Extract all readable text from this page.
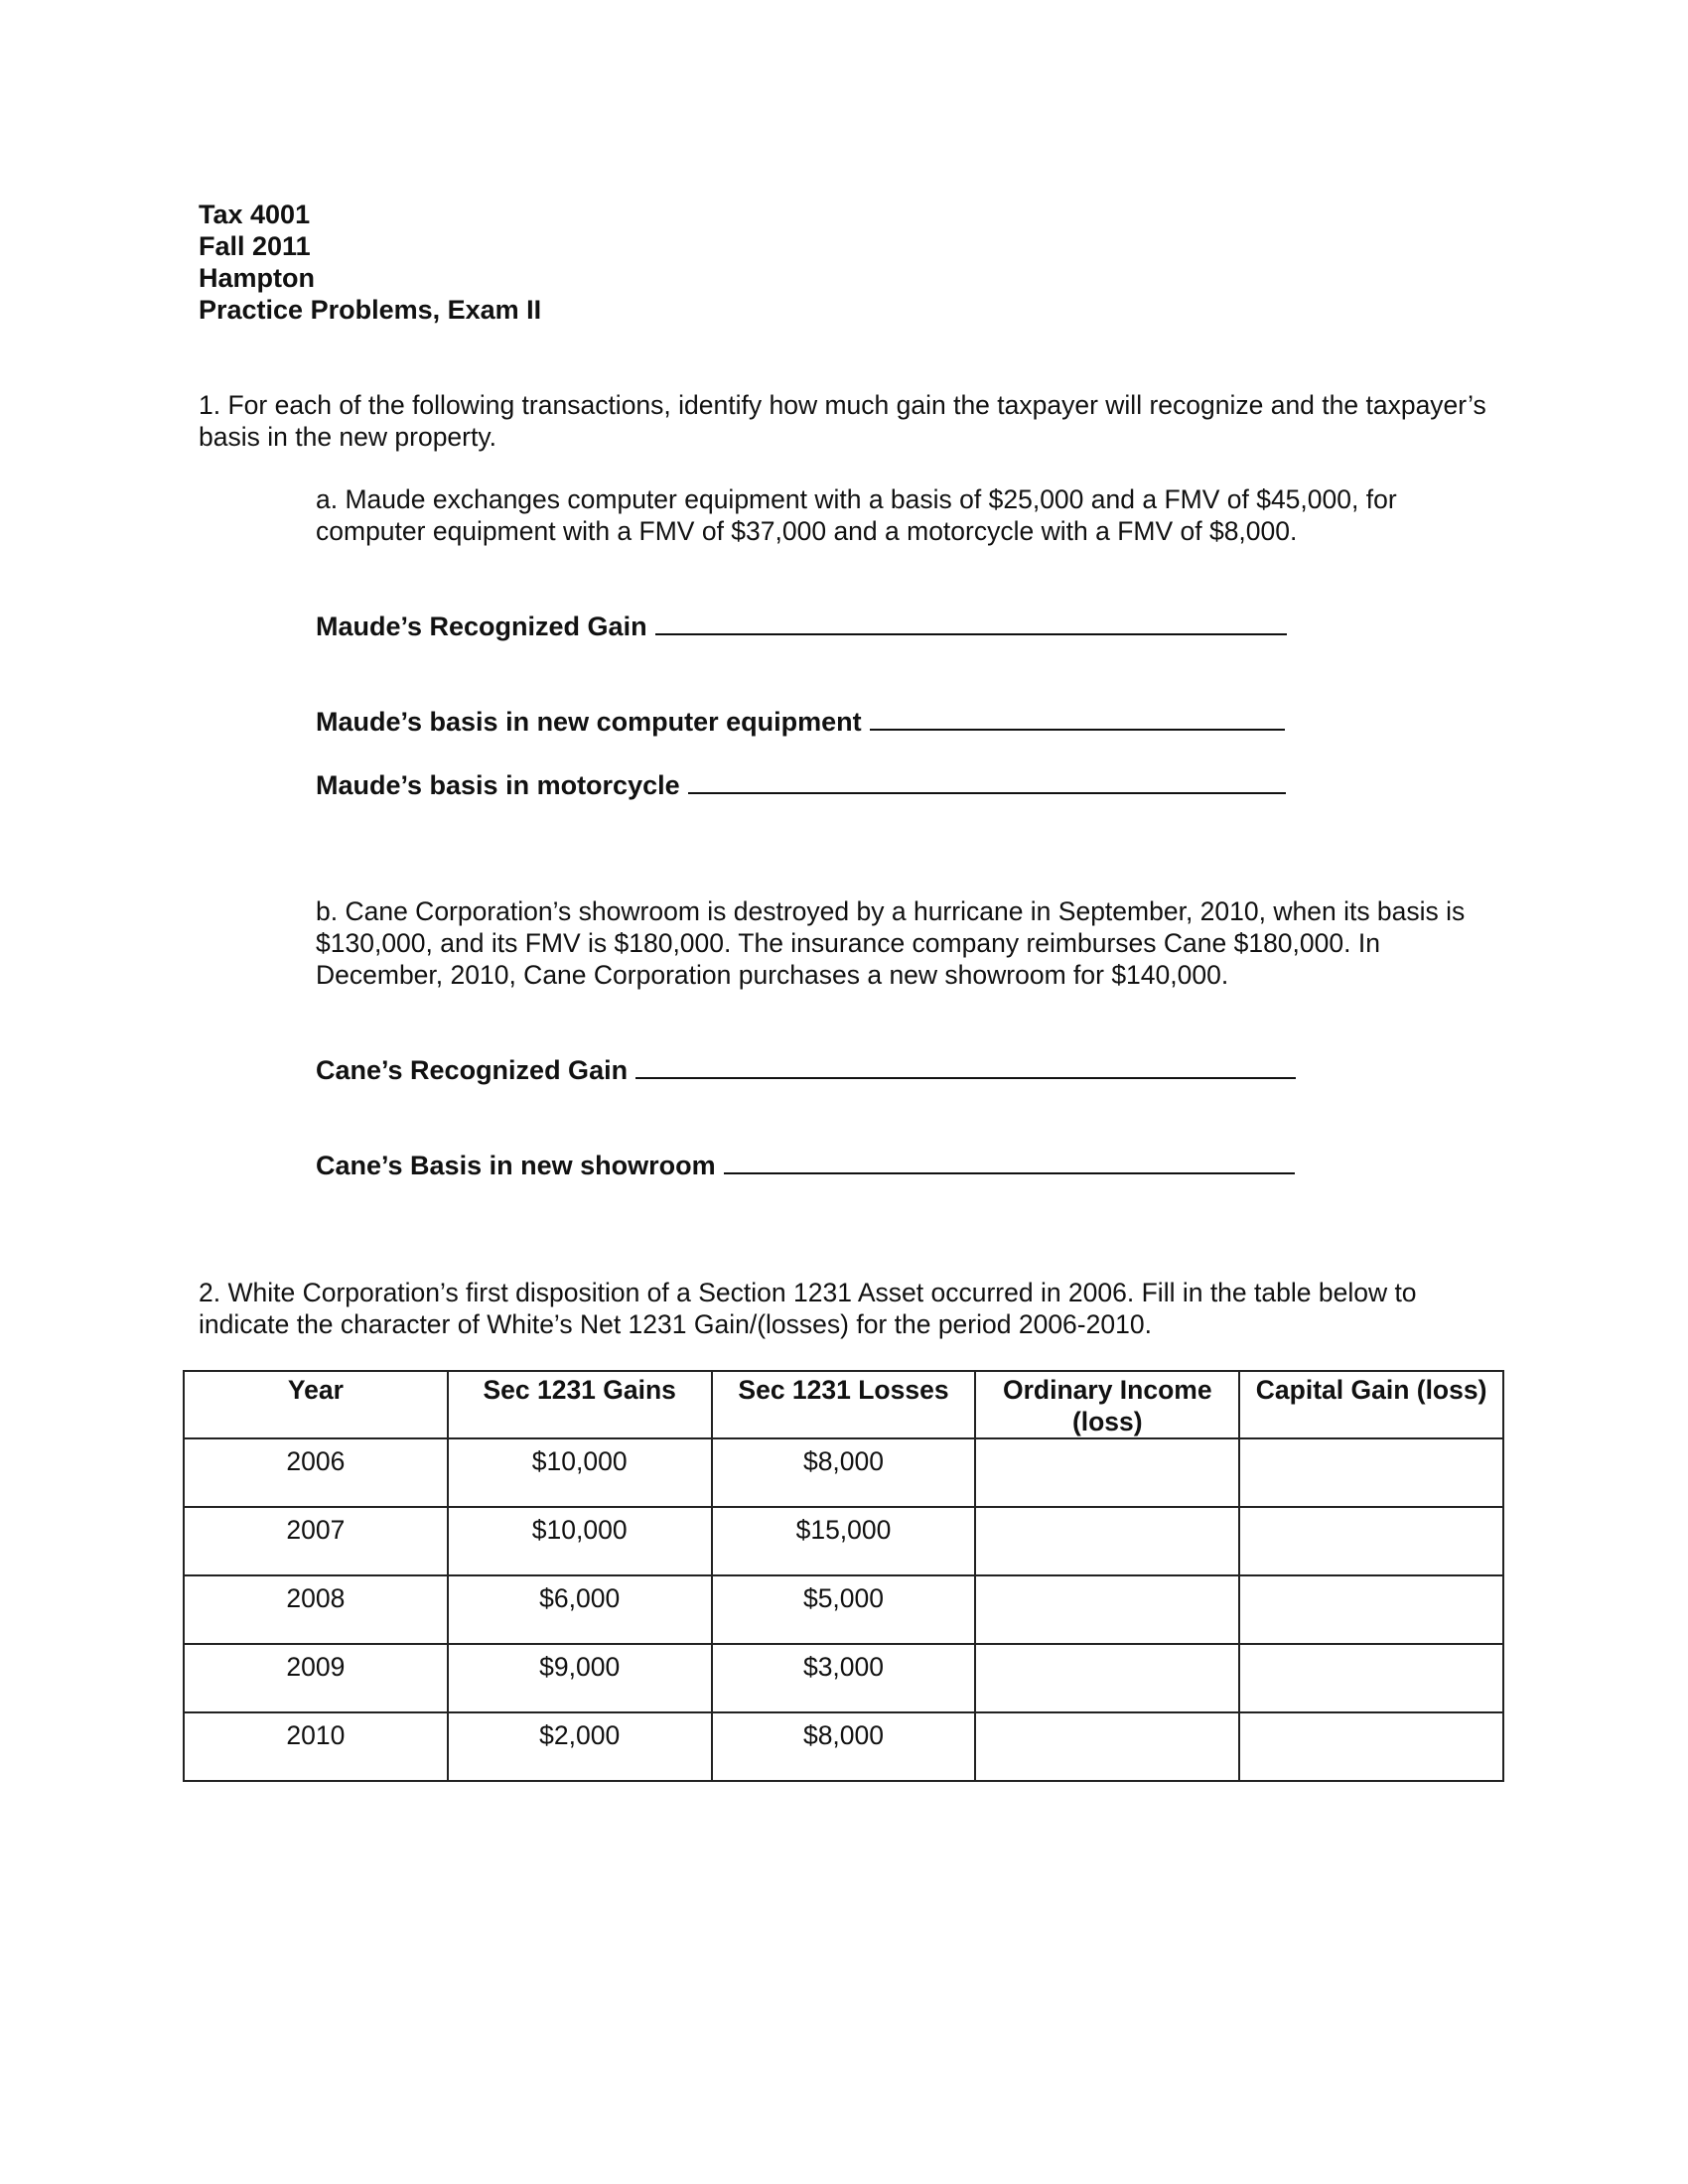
Tax 4001
Fall 2011
Hampton
Practice Problems, Exam II

1. For each of the following transactions, identify how much gain the taxpayer will recognize and the taxpayer’s basis in the new property.

a. Maude exchanges computer equipment with a basis of $25,000 and a FMV of $45,000, for computer equipment with a FMV of $37,000 and a motorcycle with a FMV of $8,000.

Maude’s Recognized Gain
Maude’s basis in new computer equipment
Maude’s basis in motorcycle

b. Cane Corporation’s showroom is destroyed by a hurricane in September, 2010, when its basis is $130,000, and its FMV is $180,000. The insurance company reimburses Cane $180,000. In December, 2010, Cane Corporation purchases a new showroom for $140,000.

Cane’s Recognized Gain
Cane’s Basis in new showroom

2. White Corporation’s first disposition of a Section 1231 Asset occurred in 2006. Fill in the table below to indicate the character of White’s Net 1231 Gain/(losses) for the period 2006-2010.

Year	Sec 1231 Gains	Sec 1231 Losses	Ordinary Income (loss)	Capital Gain (loss)
2006	$10,000	$8,000		
2007	$10,000	$15,000		
2008	$6,000	$5,000		
2009	$9,000	$3,000		
2010	$2,000	$8,000		
